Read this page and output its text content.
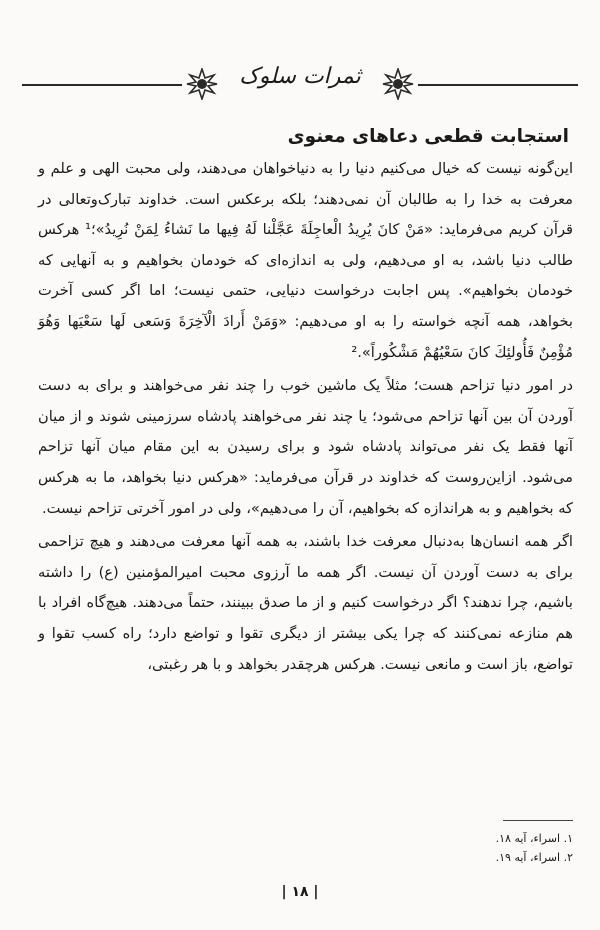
ثمرات سلوک
استجابت قطعی دعاهای معنوی

این‌گونه نیست که خیال می‌کنیم دنیا را به دنیاخواهان می‌دهند، ولی محبت الهی و علم و معرفت به خدا را به طالبان آن نمی‌دهند؛ بلکه برعکس است. خداوند تبارک‌وتعالی در قرآن کریم می‌فرماید: «مَنْ كانَ يُرِيدُ الْعاجِلَةَ عَجَّلْنا لَهُ فِيها ما نَشاءُ لِمَنْ نُرِيدُ»؛¹ هرکس طالب دنیا باشد، به او می‌دهیم، ولی به اندازه‌ای که خودمان بخواهیم و به آنهایی که خودمان بخواهیم». پس اجابت درخواست دنیایی، حتمی نیست؛ اما اگر کسی آخرت بخواهد، همه آنچه خواسته را به او می‌دهیم: «وَمَنْ أَرادَ الْآخِرَةَ وَسَعى لَها سَعْيَها وَهُوَ مُؤْمِنٌ فَأُولئِكَ كانَ سَعْيُهُمْ مَشْكُوراً».²

در امور دنیا تزاحم هست؛ مثلاً یک ماشین خوب را چند نفر می‌خواهند و برای به دست آوردن آن بین آنها تزاحم می‌شود؛ یا چند نفر می‌خواهند پادشاه سرزمینی شوند و از میان آنها فقط یک نفر می‌تواند پادشاه شود و برای رسیدن به این مقام میان آنها تزاحم می‌شود. ازاین‌روست که خداوند در قرآن می‌فرماید: «هرکس دنیا بخواهد، ما به هرکس که بخواهیم و به هراندازه که بخواهیم، آن را می‌دهیم»، ولی در امور آخرتی تزاحم نیست.

اگر همه انسان‌ها به‌دنبال معرفت خدا باشند، به همه آنها معرفت می‌دهند و هیچ تزاحمی برای به دست آوردن آن نیست. اگر همه ما آرزوی محبت امیرالمؤمنین (ع) را داشته باشیم، چرا ندهند؟ اگر درخواست کنیم و از ما صدق ببینند، حتماً می‌دهند. هیچ‌گاه افراد با هم منازعه نمی‌کنند که چرا یکی بیشتر از دیگری تقوا و تواضع دارد؛ راه کسب تقوا و تواضع، باز است و مانعی نیست. هرکس هرچقدر بخواهد و با هر رغبتی،

۱. اسراء، آیه ۱۸.
۲. اسراء، آیه ۱۹.
| ۱۸ |
